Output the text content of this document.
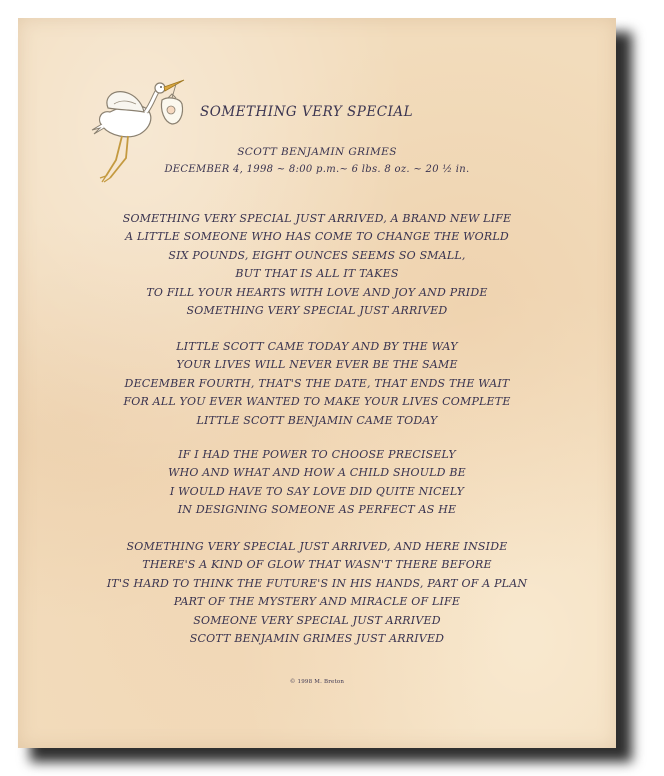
SOMETHING VERY SPECIAL
SCOTT BENJAMIN GRIMES
DECEMBER 4, 1998 ~ 8:00 p.m.~ 6 lbs. 8 oz. ~ 20 ½ in.
SOMETHING VERY SPECIAL JUST ARRIVED, A BRAND NEW LIFE
A LITTLE SOMEONE WHO HAS COME TO CHANGE THE WORLD
SIX POUNDS, EIGHT OUNCES SEEMS SO SMALL,
BUT THAT IS ALL IT TAKES
TO FILL YOUR HEARTS WITH LOVE AND JOY AND PRIDE
SOMETHING VERY SPECIAL JUST ARRIVED
LITTLE SCOTT CAME TODAY AND BY THE WAY
YOUR LIVES WILL NEVER EVER BE THE SAME
DECEMBER FOURTH, THAT'S THE DATE, THAT ENDS THE WAIT
FOR ALL YOU EVER WANTED TO MAKE YOUR LIVES COMPLETE
LITTLE SCOTT BENJAMIN CAME TODAY
IF I HAD THE POWER TO CHOOSE PRECISELY
WHO AND WHAT AND HOW A CHILD SHOULD BE
I WOULD HAVE TO SAY LOVE DID QUITE NICELY
IN DESIGNING SOMEONE AS PERFECT AS HE
SOMETHING VERY SPECIAL JUST ARRIVED, AND HERE INSIDE
THERE'S A KIND OF GLOW THAT WASN'T THERE BEFORE
IT'S HARD TO THINK THE FUTURE'S IN HIS HANDS, PART OF A PLAN
PART OF THE MYSTERY AND MIRACLE OF LIFE
SOMEONE VERY SPECIAL JUST ARRIVED
SCOTT BENJAMIN GRIMES JUST ARRIVED
© 1998 M. Breton
